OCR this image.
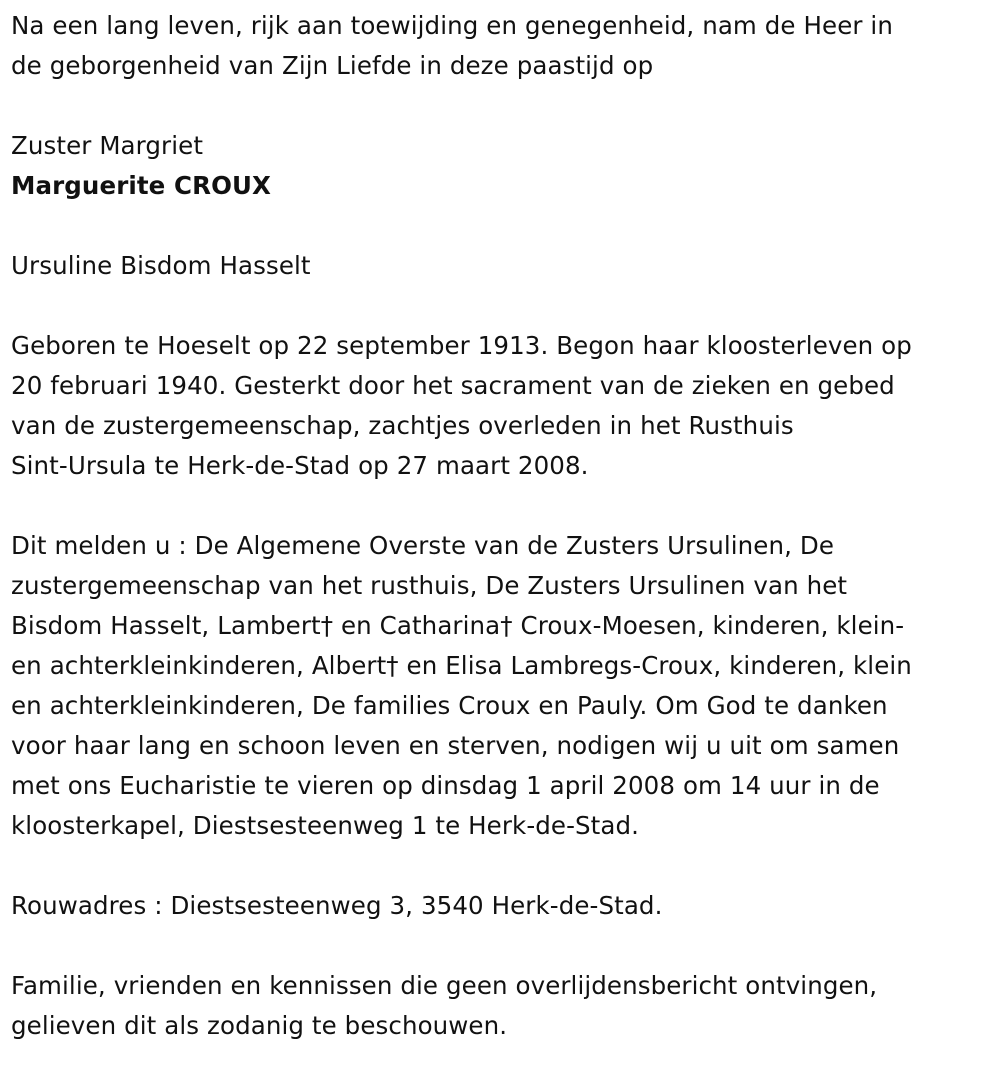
Na een lang leven, rijk aan toewijding en genegenheid, nam de Heer in
de geborgenheid van Zijn Liefde in deze paastijd op

Zuster Margriet

Marguerite CROUX

Ursuline Bisdom Hasselt

Geboren te Hoeselt op 22 september 1913. Begon haar kloosterleven op
20 februari 1940. Gesterkt door het sacrament van de zieken en gebed
van de zustergemeenschap, zachtjes overleden in het Rusthuis
Sint-Ursula te Herk-de-Stad op 27 maart 2008.

Dit melden u : De Algemene Overste van de Zusters Ursulinen, De
zustergemeenschap van het rusthuis, De Zusters Ursulinen van het
Bisdom Hasselt, Lambert† en Catharina† Croux-Moesen, kinderen, klein-
en achterkleinkinderen, Albert† en Elisa Lambregs-Croux, kinderen, klein
en achterkleinkinderen, De families Croux en Pauly. Om God te danken
voor haar lang en schoon leven en sterven, nodigen wij u uit om samen
met ons Eucharistie te vieren op dinsdag 1 april 2008 om 14 uur in de
kloosterkapel, Diestsesteenweg 1 te Herk-de-Stad.

Rouwadres : Diestsesteenweg 3, 3540 Herk-de-Stad.

Familie, vrienden en kennissen die geen overlijdensbericht ontvingen,
gelieven dit als zodanig te beschouwen.
